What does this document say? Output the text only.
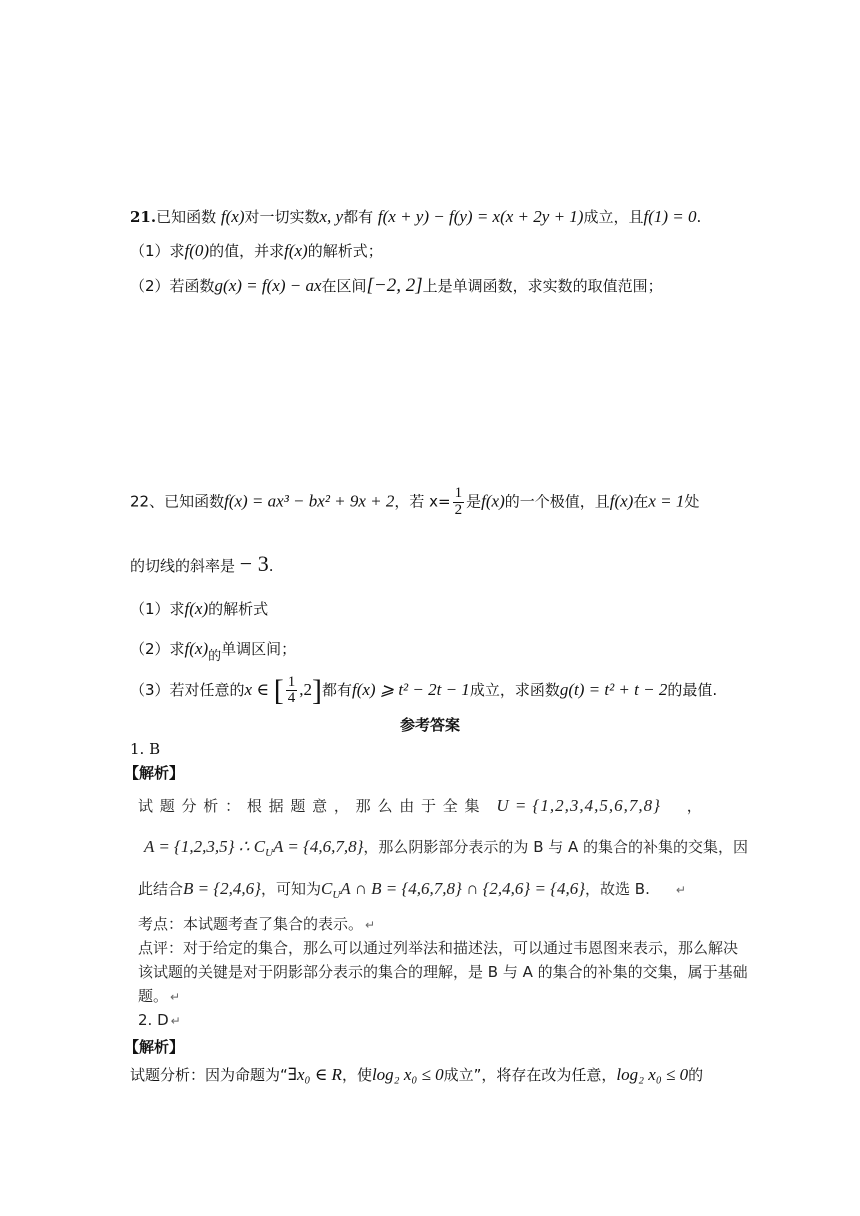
21.已知函数 f(x)对一切实数x, y都有 f(x + y) − f(y) = x(x + 2y + 1)成立，且f(1) = 0.
（1）求f(0)的值，并求f(x)的解析式；
（2）若函数g(x) = f(x) − ax在区间[−2, 2]上是单调函数，求实数的取值范围；
22、已知函数f(x) = ax³ − bx² + 9x + 2，若 $x= \frac{1}{2}$ 是f(x)的一个极值，且f(x)在x = 1处
的切线的斜率是 − 3.
（1）求f(x)的解析式
（2）求f(x)的单调区间；
（3）若对任意的x ∈ [ $\frac{1}{4} ,2$]都有f(x) ⩾ t² − 2t − 1成立，求函数g(t) = t² + t − 2的最值.
参考答案
1. B
【解析】
试 题 分 析 ： 根 据 题 意 ， 那 么 由 于 全 集 U = {1,2,3,4,5,6,7,8} ，
A = {1,2,3,5} ∴ $C_UA = \{4,6,7,8\}$，那么阴影部分表示的为 B 与 A 的集合的补集的交集，因
此结合B = {2,4,6}，可知为$C_UA$ ∩ B = {4,6,7,8} ∩ {2,4,6} = {4,6}，故选 B. ↵
考点：本试题考查了集合的表示。 ↵
点评：对于给定的集合，那么可以通过列举法和描述法，可以通过韦恩图来表示，那么解决
该试题的关键是对于阴影部分表示的集合的理解，是 B 与 A 的集合的补集的交集，属于基础
题。 ↵
2. D ↵
【解析】
试题分析：因为命题为“∃x₀ ∈ R，使log₂ x₀ ≤ 0成立”，将存在改为任意，log₂ x₀ ≤ 0的
